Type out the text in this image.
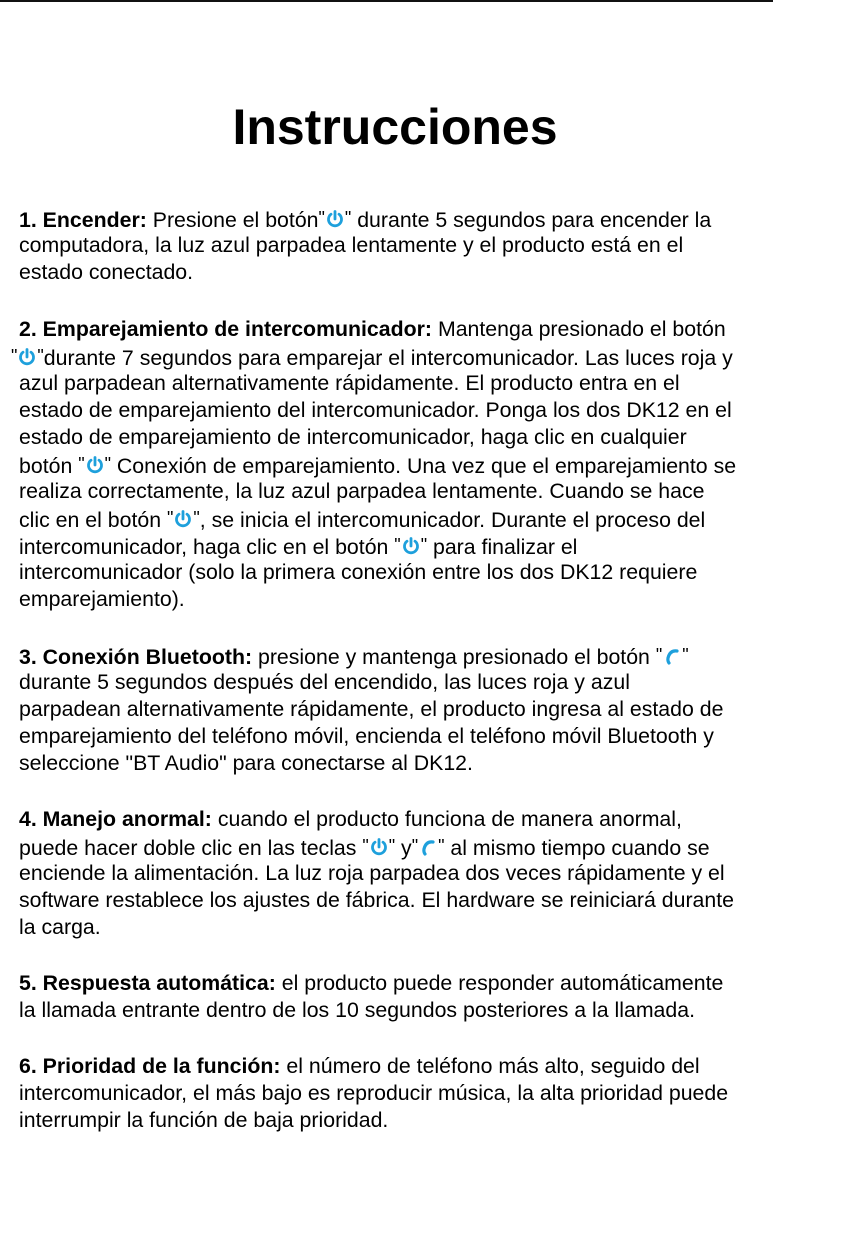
Instrucciones
1. Encender: Presione el botón" " durante 5 segundos para encender la
computadora, la luz azul parpadea lentamente y el producto está en el
estado conectado.
2. Emparejamiento de intercomunicador: Mantenga presionado el botón
" "durante 7 segundos para emparejar el intercomunicador. Las luces roja y
azul parpadean alternativamente rápidamente. El producto entra en el
estado de emparejamiento del intercomunicador. Ponga los dos DK12 en el
estado de emparejamiento de intercomunicador, haga clic en cualquier
botón " " Conexión de emparejamiento. Una vez que el emparejamiento se
realiza correctamente, la luz azul parpadea lentamente. Cuando se hace
clic en el botón " ", se inicia el intercomunicador. Durante el proceso del
intercomunicador, haga clic en el botón " " para finalizar el
intercomunicador (solo la primera conexión entre los dos DK12 requiere
emparejamiento).
3. Conexión Bluetooth: presione y mantenga presionado el botón " "
durante 5 segundos después del encendido, las luces roja y azul
parpadean alternativamente rápidamente, el producto ingresa al estado de
emparejamiento del teléfono móvil, encienda el teléfono móvil Bluetooth y
seleccione "BT Audio" para conectarse al DK12.
4. Manejo anormal: cuando el producto funciona de manera anormal,
puede hacer doble clic en las teclas " " y" " al mismo tiempo cuando se
enciende la alimentación. La luz roja parpadea dos veces rápidamente y el
software restablece los ajustes de fábrica. El hardware se reiniciará durante
la carga.
5. Respuesta automática: el producto puede responder automáticamente
la llamada entrante dentro de los 10 segundos posteriores a la llamada.
6. Prioridad de la función: el número de teléfono más alto, seguido del
intercomunicador, el más bajo es reproducir música, la alta prioridad puede
interrumpir la función de baja prioridad.
